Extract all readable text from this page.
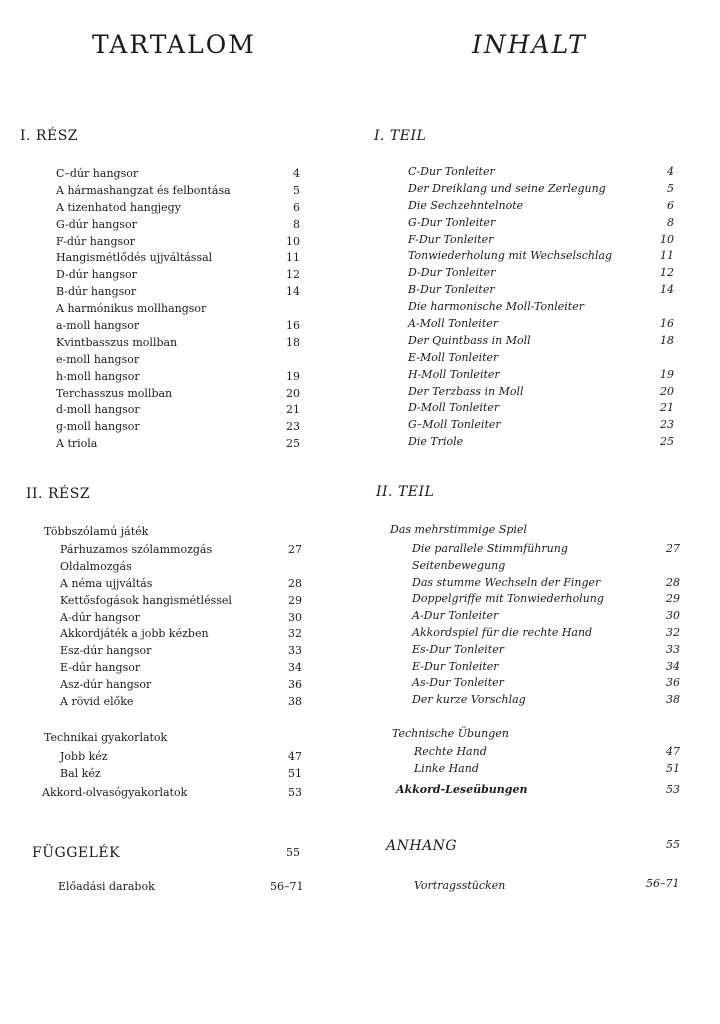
TARTALOM
I. RÉSZ
C–dúr hangsor	4
A hármashangzat és felbontása	5
A tizenhatod hangjegy	6
G-dúr hangsor	8
F-dúr hangsor	10
Hangismétlődés ujjváltással	11
D-dúr hangsor	12
B-dúr hangsor	14
A harmónikus mollhangsor
a-moll hangsor	16
Kvintbasszus mollban	18
e-moll hangsor
h-moll hangsor	19
Terchasszus mollban	20
d-moll hangsor	21
g-moll hangsor	23
A triola	25
II. RÉSZ

Többszólamú játék

Párhuzamos szólammozgás	27
Oldalmozgás
A néma ujjváltás	28
Kettősfogások hangismétléssel	29
A-dúr hangsor	30
Akkordjáték a jobb kézben	32
Esz-dúr hangsor	33
E-dúr hangsor	34
Asz-dúr hangsor	36
A rövid előke	38

Technikai gyakorlatok

Jobb kéz	47
Bal kéz	51
Akkord-olvasógyakorlatok	53

FÜGGELÉK	55
Előadási darabok	56–71
INHALT
I. TEIL
C-Dur Tonleiter	4
Der Dreiklang und seine Zerlegung	5
Die Sechzehntelnote	6
G-Dur Tonleiter	8
F-Dur Tonleiter	10
Tonwiederholung mit Wechselschlag	11
D-Dur Tonleiter	12
B-Dur Tonleiter	14
Die harmonische Moll-Tonleiter
A-Moll Tonleiter	16
Der Quintbass in Moll	18
E-Moll Tonleiter
H-Moll Tonleiter	19
Der Terzbass in Moll	20
D-Moll Tonleiter	21
G–Moll Tonleiter	23
Die Triole	25
II. TEIL

Das mehrstimmige Spiel

Die parallele Stimmführung	27
Seitenbewegung
Das stumme Wechseln der Finger	28
Doppelgriffe mit Tonwiederholung	29
A-Dur Tonleiter	30
Akkordspiel für die rechte Hand	32
Es-Dur Tonleiter	33
E-Dur Tonleiter	34
As-Dur Tonleiter	36
Der kurze Vorschlag	38

Technische Übungen

Rechte Hand	47
Linke Hand	51
Akkord-Leseübungen	53

ANHANG	55
Vortragsstücken	56–71
